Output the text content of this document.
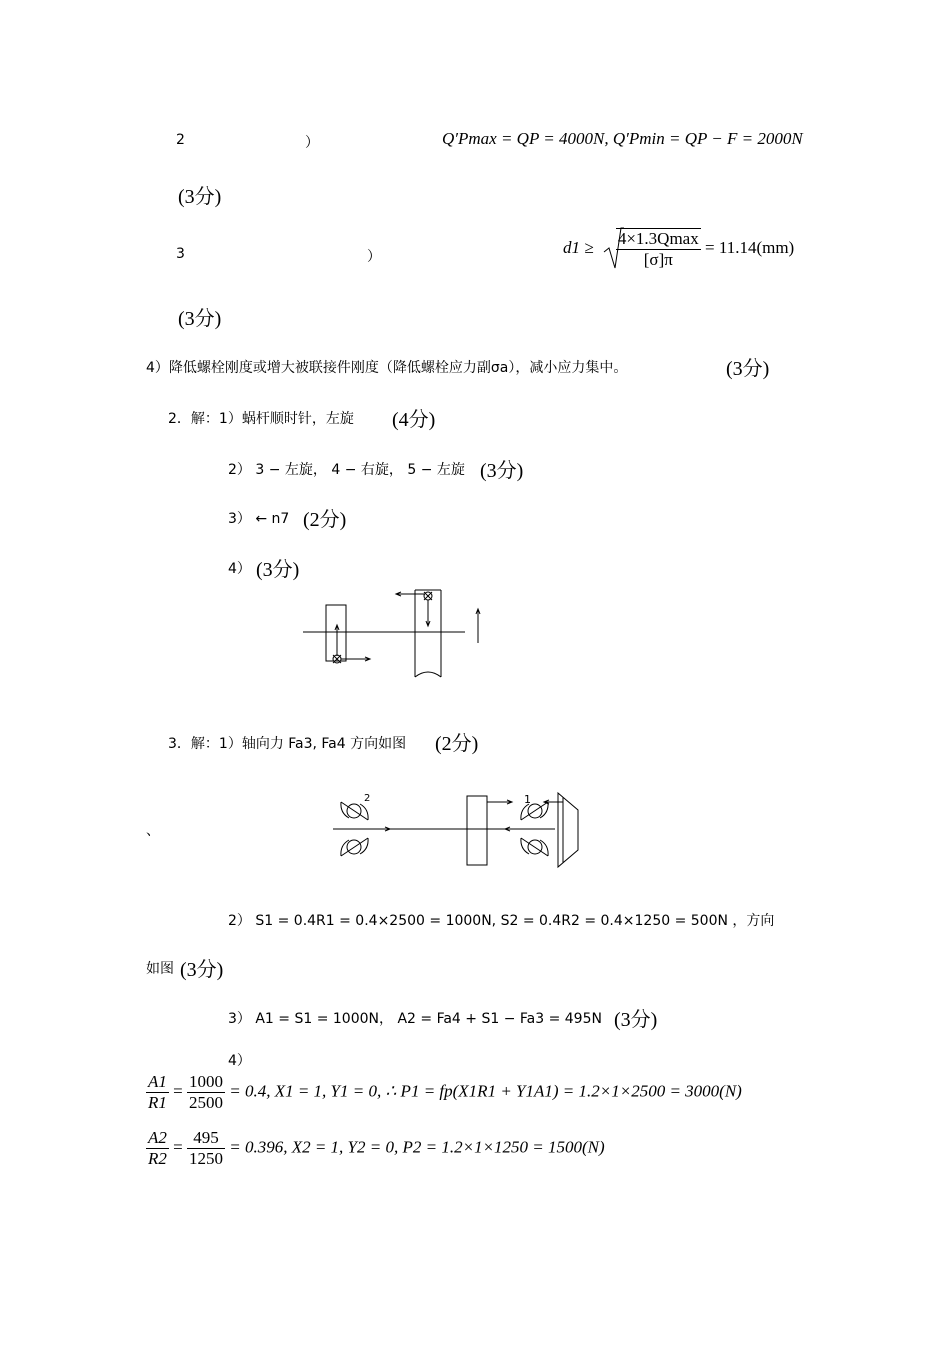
2	）	Q′Pmax = QP = 4000N, Q′Pmin = QP − F = 2000N
(3分)
3	）
$d1 \ge \frac{4\times 1.3Qmax}{[\sigma]\pi} = 11.14(mm)$
(3分)
4）降低螺栓刚度或增大被联接件刚度（降低螺栓应力副σa），减小应力集中。	(3分)
2．解：1）蜗杆顺时针，左旋 (4分)
2） 3 − 左旋， 4 − 右旋， 5 − 左旋 (3分)
3） ← n7 (2分)
4） (3分)
3．解：1）轴向力 Fa3, Fa4 方向如图 (2分)
、
2	1
2） S1 = 0.4R1 = 0.4×2500 = 1000N, S2 = 0.4R2 = 0.4×1250 = 500N ，方向
如图 (3分)
3） A1 = S1 = 1000N， A2 = Fa4 + S1 − Fa3 = 495N (3分)
4）
$\frac{A1}{R1} = \frac{1000}{2500} = 0.4$, X1 = 1, Y1 = 0, ∴ P1 = fp(X1R1 + Y1A1) = 1.2×1×2500 = 3000(N)
$\frac{A2}{R2} = \frac{495}{1250} = 0.396$, X2 = 1, Y2 = 0, P2 = 1.2×1×1250 = 1500(N)
